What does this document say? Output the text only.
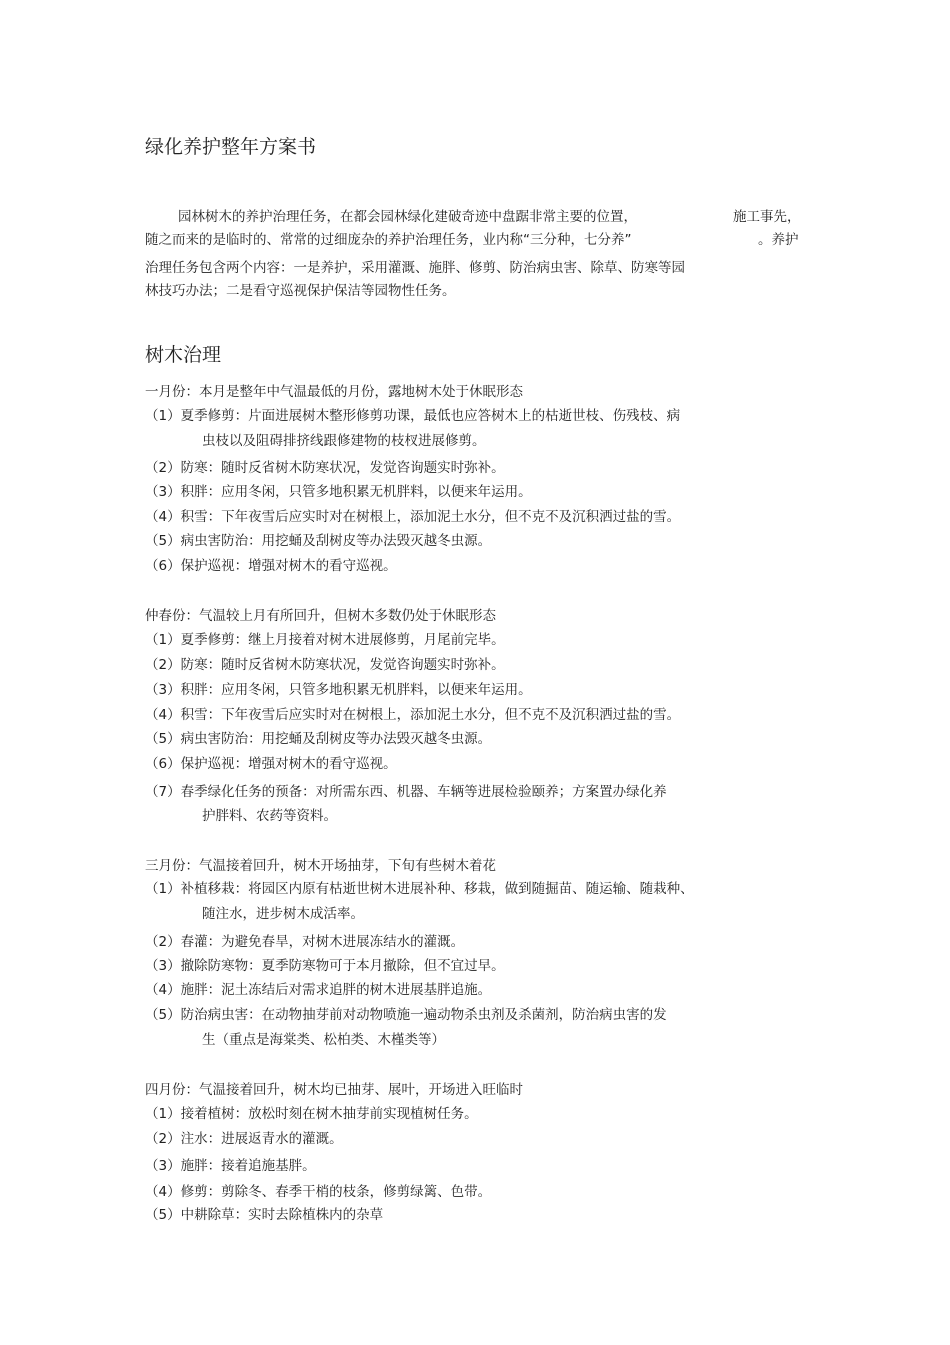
绿化养护整年方案书
园林树木的养护治理任务，在都会园林绿化建破奇迹中盘踞非常主要的位置，	施工事先，
随之而来的是临时的、常常的过细庞杂的养护治理任务，业内称“三分种，七分养”	。养护
治理任务包含两个内容：一是养护，采用灌溉、施胖、修剪、防治病虫害、除草、防寒等园
林技巧办法；二是看守巡视保护保洁等园物性任务。
树木治理
一月份：本月是整年中气温最低的月份，露地树木处于休眠形态
（1）夏季修剪：片面进展树木整形修剪功课，最低也应答树木上的枯逝世枝、伤残枝、病
虫枝以及阻碍排挤线跟修建物的枝杈进展修剪。
（2）防寒：随时反省树木防寒状况，发觉咨询题实时弥补。
（3）积胖：应用冬闲，只管多地积累无机胖料，以便来年运用。
（4）积雪：下年夜雪后应实时对在树根上，添加泥土水分，但不克不及沉积洒过盐的雪。
（5）病虫害防治：用挖蛹及刮树皮等办法毁灭越冬虫源。
（6）保护巡视：增强对树木的看守巡视。
仲春份：气温较上月有所回升，但树木多数仍处于休眠形态
（1）夏季修剪：继上月接着对树木进展修剪，月尾前完毕。
（2）防寒：随时反省树木防寒状况，发觉咨询题实时弥补。
（3）积胖：应用冬闲，只管多地积累无机胖料，以便来年运用。
（4）积雪：下年夜雪后应实时对在树根上，添加泥土水分，但不克不及沉积洒过盐的雪。
（5）病虫害防治：用挖蛹及刮树皮等办法毁灭越冬虫源。
（6）保护巡视：增强对树木的看守巡视。
（7）春季绿化任务的预备：对所需东西、机器、车辆等进展检验颐养；方案置办绿化养
护胖料、农药等资料。
三月份：气温接着回升，树木开场抽芽，下旬有些树木着花
（1）补植移栽：将园区内原有枯逝世树木进展补种、移栽，做到随掘苗、随运输、随栽种、
随注水，进步树木成活率。
（2）春灌：为避免春旱，对树木进展冻结水的灌溉。
（3）撤除防寒物：夏季防寒物可于本月撤除，但不宜过早。
（4）施胖：泥土冻结后对需求追胖的树木进展基胖追施。
（5）防治病虫害：在动物抽芽前对动物喷施一遍动物杀虫剂及杀菌剂，防治病虫害的发
生（重点是海棠类、松柏类、木槿类等）
四月份：气温接着回升，树木均已抽芽、展叶，开场进入旺临时
（1）接着植树：放松时刻在树木抽芽前实现植树任务。
（2）注水：进展返青水的灌溉。
（3）施胖：接着追施基胖。
（4）修剪：剪除冬、春季干梢的枝条，修剪绿篱、色带。
（5）中耕除草：实时去除植株内的杂草
